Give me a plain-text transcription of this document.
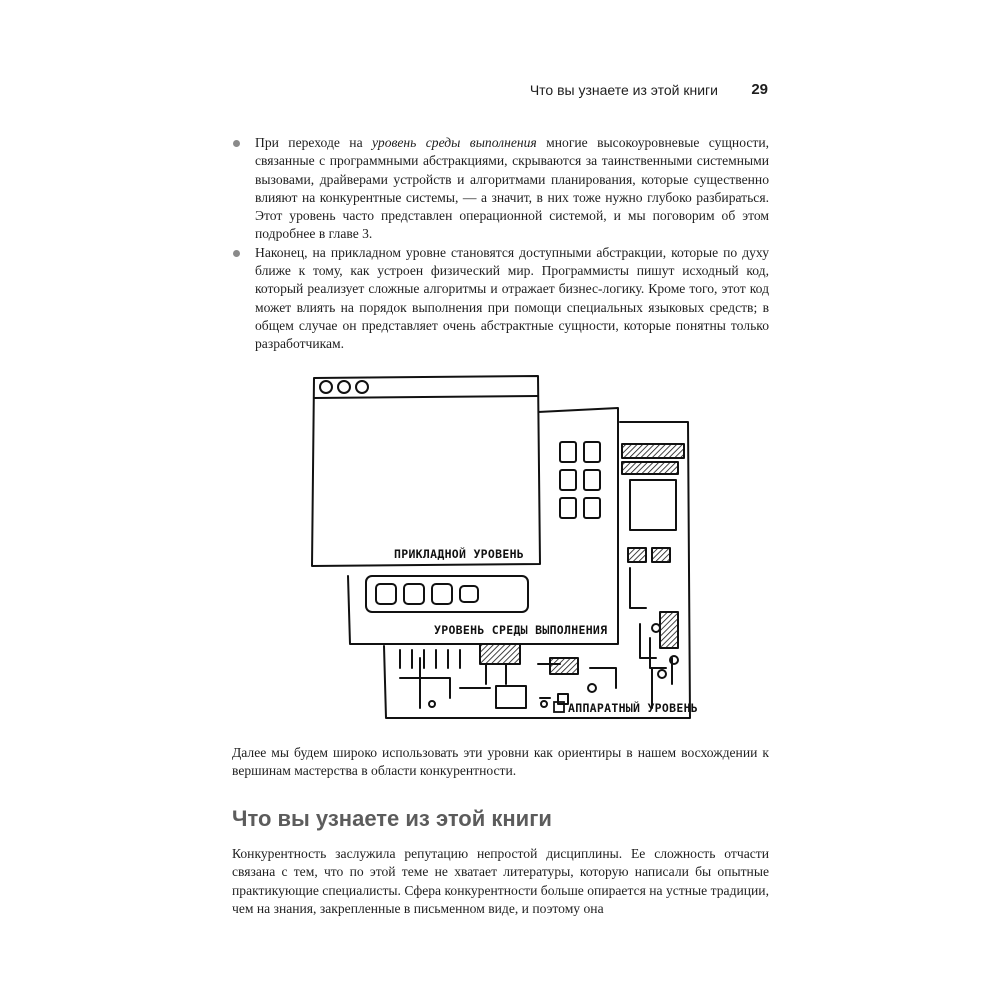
Что вы узнаете из этой книги 29
При переходе на уровень среды выполнения многие высокоуровневые сущности, связанные с программными абстракциями, скрываются за таинственными системными вызовами, драйверами устройств и алгоритмами планирования, которые существенно влияют на конкурентные системы, — а значит, в них тоже нужно глубоко разбираться. Этот уровень часто представлен операционной системой, и мы поговорим об этом подробнее в главе 3.
Наконец, на прикладном уровне становятся доступными абстракции, которые по духу ближе к тому, как устроен физический мир. Программисты пишут исходный код, который реализует сложные алгоритмы и отражает бизнес-логику. Кроме того, этот код может влиять на порядок выполнения при помощи специальных языковых средств; в общем случае он представляет очень абстрактные сущности, которые понятны только разработчикам.
ПРИКЛАДНОЙ УРОВЕНЬ
УРОВЕНЬ СРЕДЫ ВЫПОЛНЕНИЯ
АППАРАТНЫЙ УРОВЕНЬ

Далее мы будем широко использовать эти уровни как ориентиры в нашем восхождении к вершинам мастерства в области конкурентности.

Что вы узнаете из этой книги

Конкурентность заслужила репутацию непростой дисциплины. Ее сложность отчасти связана с тем, что по этой теме не хватает литературы, которую написали бы опытные практикующие специалисты. Сфера конкурентности больше опирается на устные традиции, чем на знания, закрепленные в письменном виде, и поэтому она
